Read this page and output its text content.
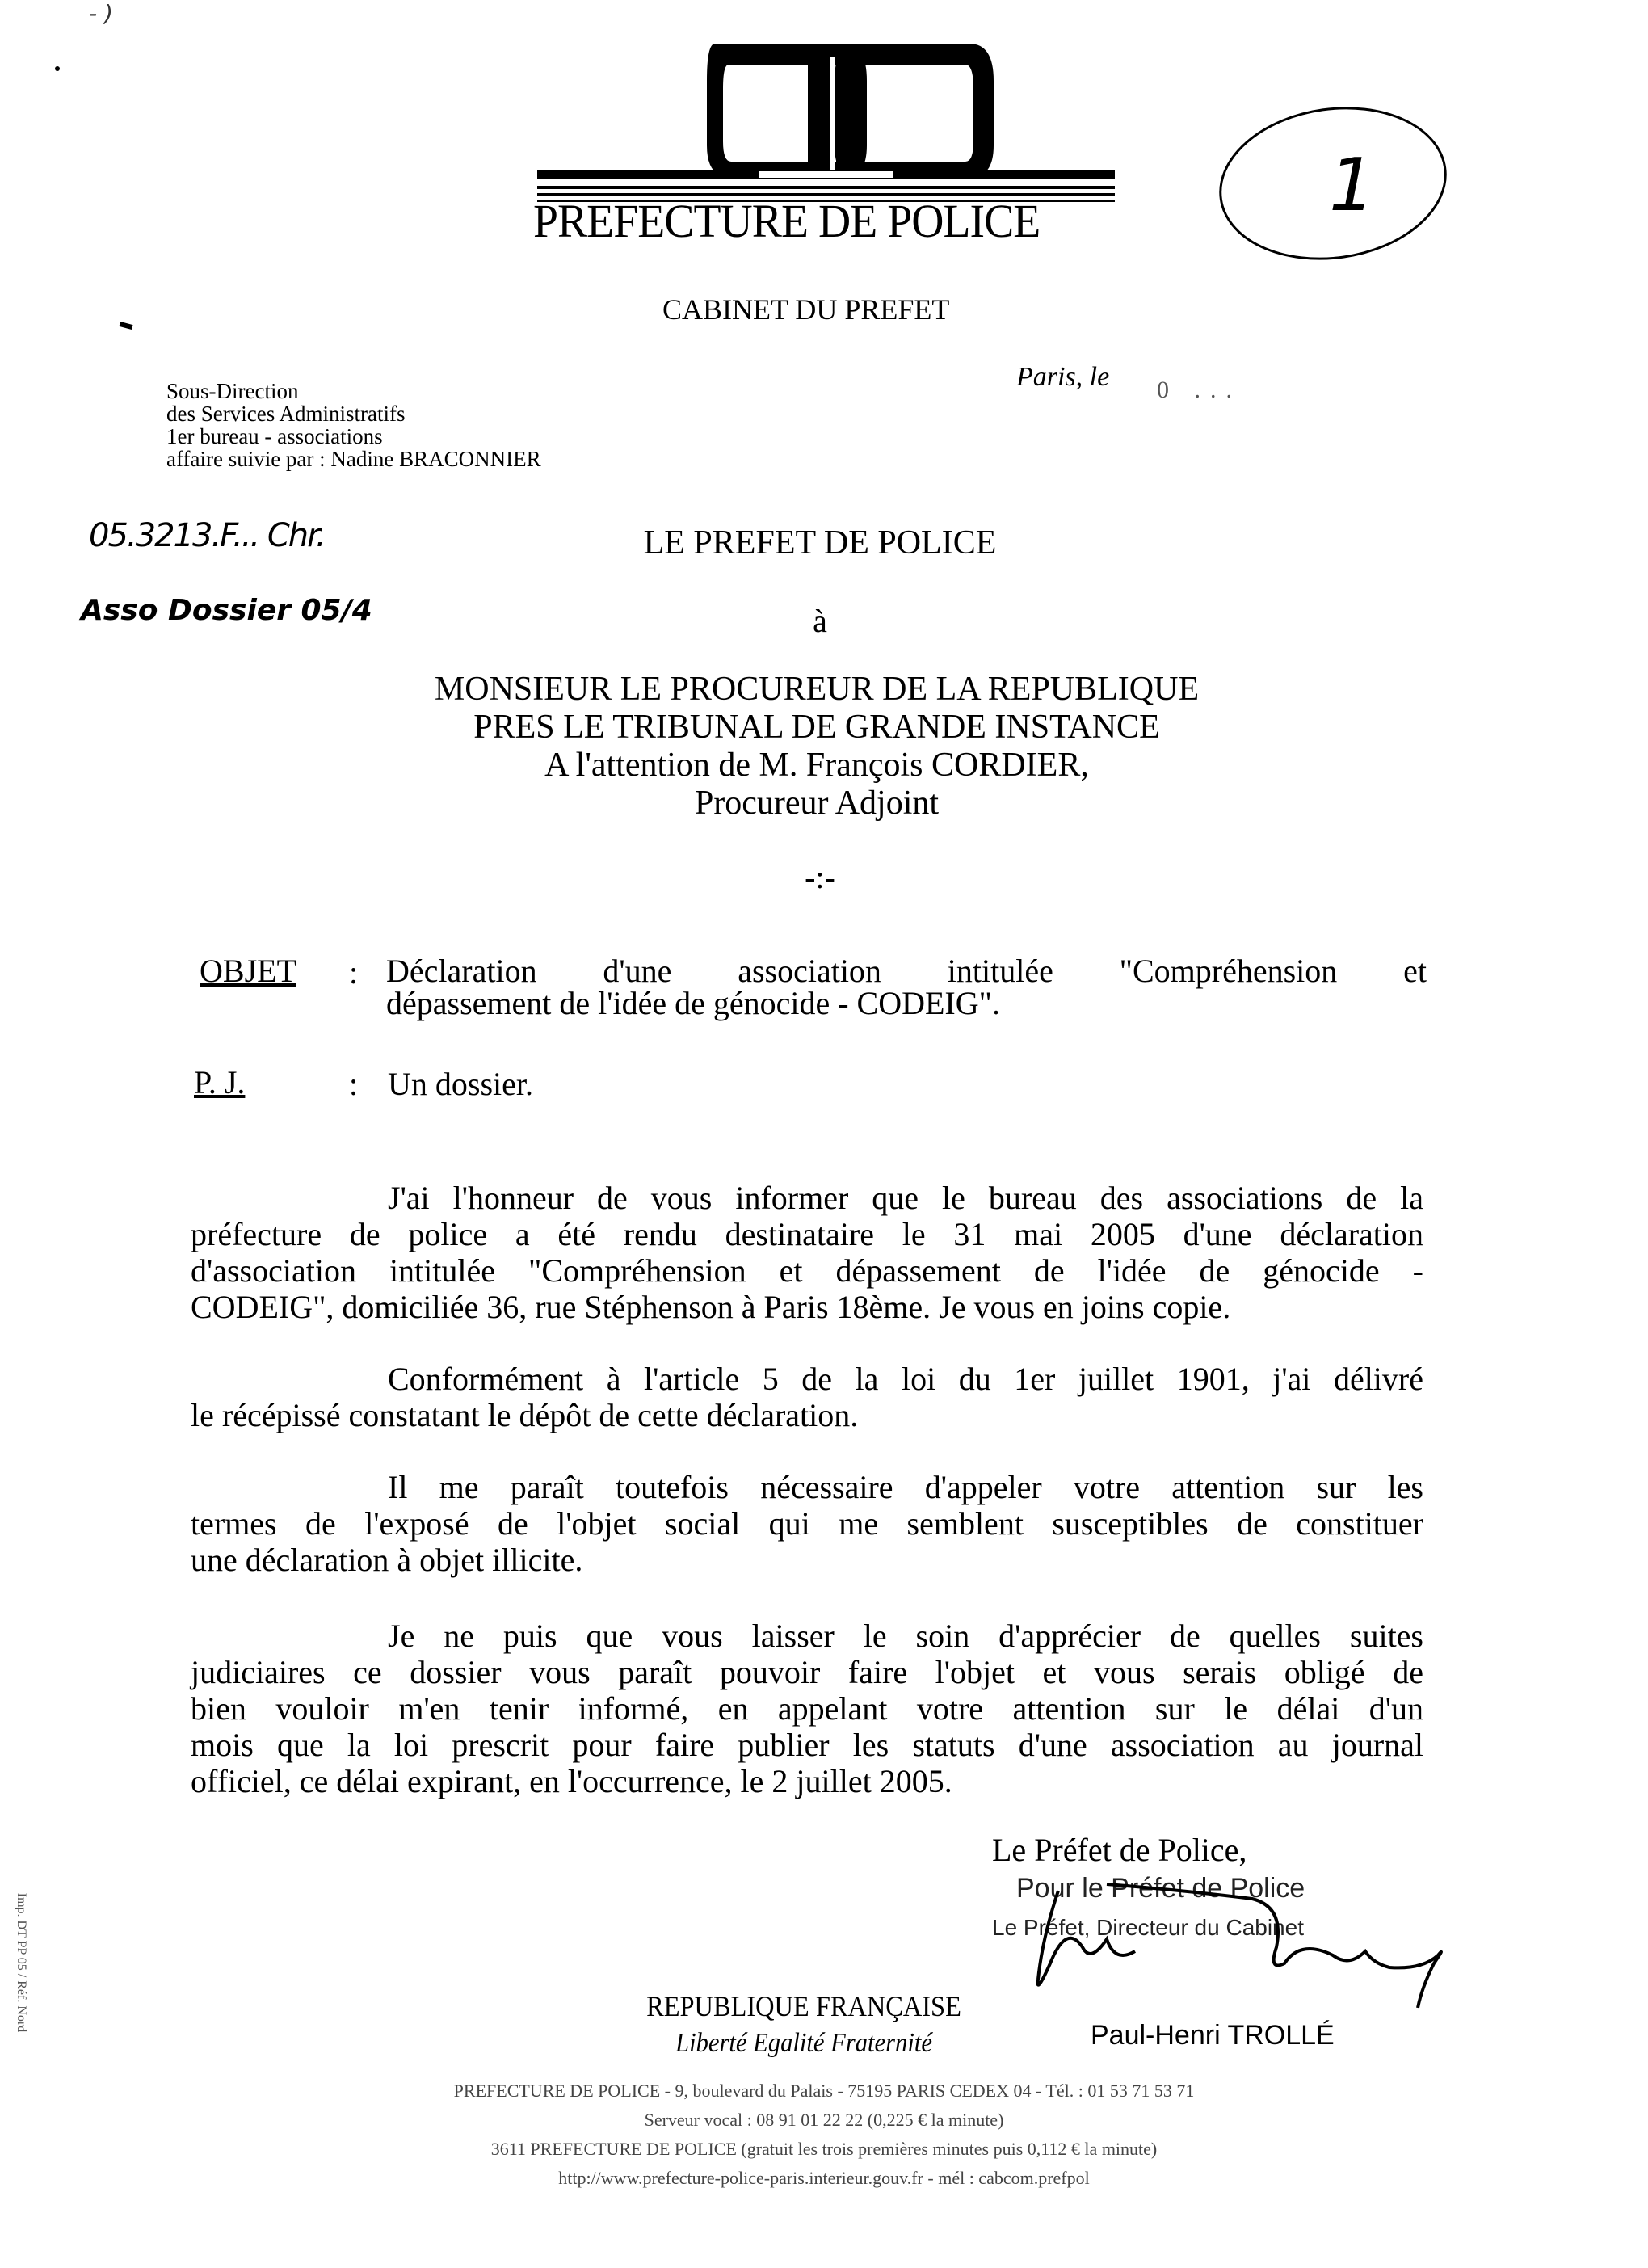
- )
PREFECTURE DE POLICE	1
CABINET DU PREFET
Paris, le 0 ...
Sous-Direction
des Services Administratifs
1er bureau - associations
affaire suivie par : Nadine BRACONNIER
05.3213.F... Chr.
Asso Dossier 05/4
LE PREFET DE POLICE
à
MONSIEUR LE PROCUREUR DE LA REPUBLIQUE
PRES LE TRIBUNAL DE GRANDE INSTANCE
A l'attention de M. François CORDIER,
Procureur Adjoint
-:-
OBJET : Déclaration d'une association intitulée "Compréhension et
dépassement de l'idée de génocide - CODEIG".
P. J.	: Un dossier.
J'ai l'honneur de vous informer que le bureau des associations de la
préfecture de police a été rendu destinataire le 31 mai 2005 d'une déclaration
d'association intitulée "Compréhension et dépassement de l'idée de génocide -
CODEIG", domiciliée 36, rue Stéphenson à Paris 18ème. Je vous en joins copie.
Conformément à l'article 5 de la loi du 1er juillet 1901, j'ai délivré
le récépissé constatant le dépôt de cette déclaration.
Il me paraît toutefois nécessaire d'appeler votre attention sur les
termes de l'exposé de l'objet social qui me semblent susceptibles de constituer
une déclaration à objet illicite.
Je ne puis que vous laisser le soin d'apprécier de quelles suites
judiciaires ce dossier vous paraît pouvoir faire l'objet et vous serais obligé de
bien vouloir m'en tenir informé, en appelant votre attention sur le délai d'un
mois que la loi prescrit pour faire publier les statuts d'une association au journal
officiel, ce délai expirant, en l'occurrence, le 2 juillet 2005.
Le Préfet de Police,
Pour le Préfet de Police
Le Préfet, Directeur du Cabinet
Paul-Henri TROLLÉ
REPUBLIQUE FRANÇAISE
Liberté Egalité Fraternité
PREFECTURE DE POLICE - 9, boulevard du Palais - 75195 PARIS CEDEX 04 - Tél. : 01 53 71 53 71
Serveur vocal : 08 91 01 22 22 (0,225 € la minute)
3611 PREFECTURE DE POLICE (gratuit les trois premières minutes puis 0,112 € la minute)
http://www.prefecture-police-paris.interieur.gouv.fr - mél : cabcom.prefpol
Imp. DT PP 05 / Réf. Nord
